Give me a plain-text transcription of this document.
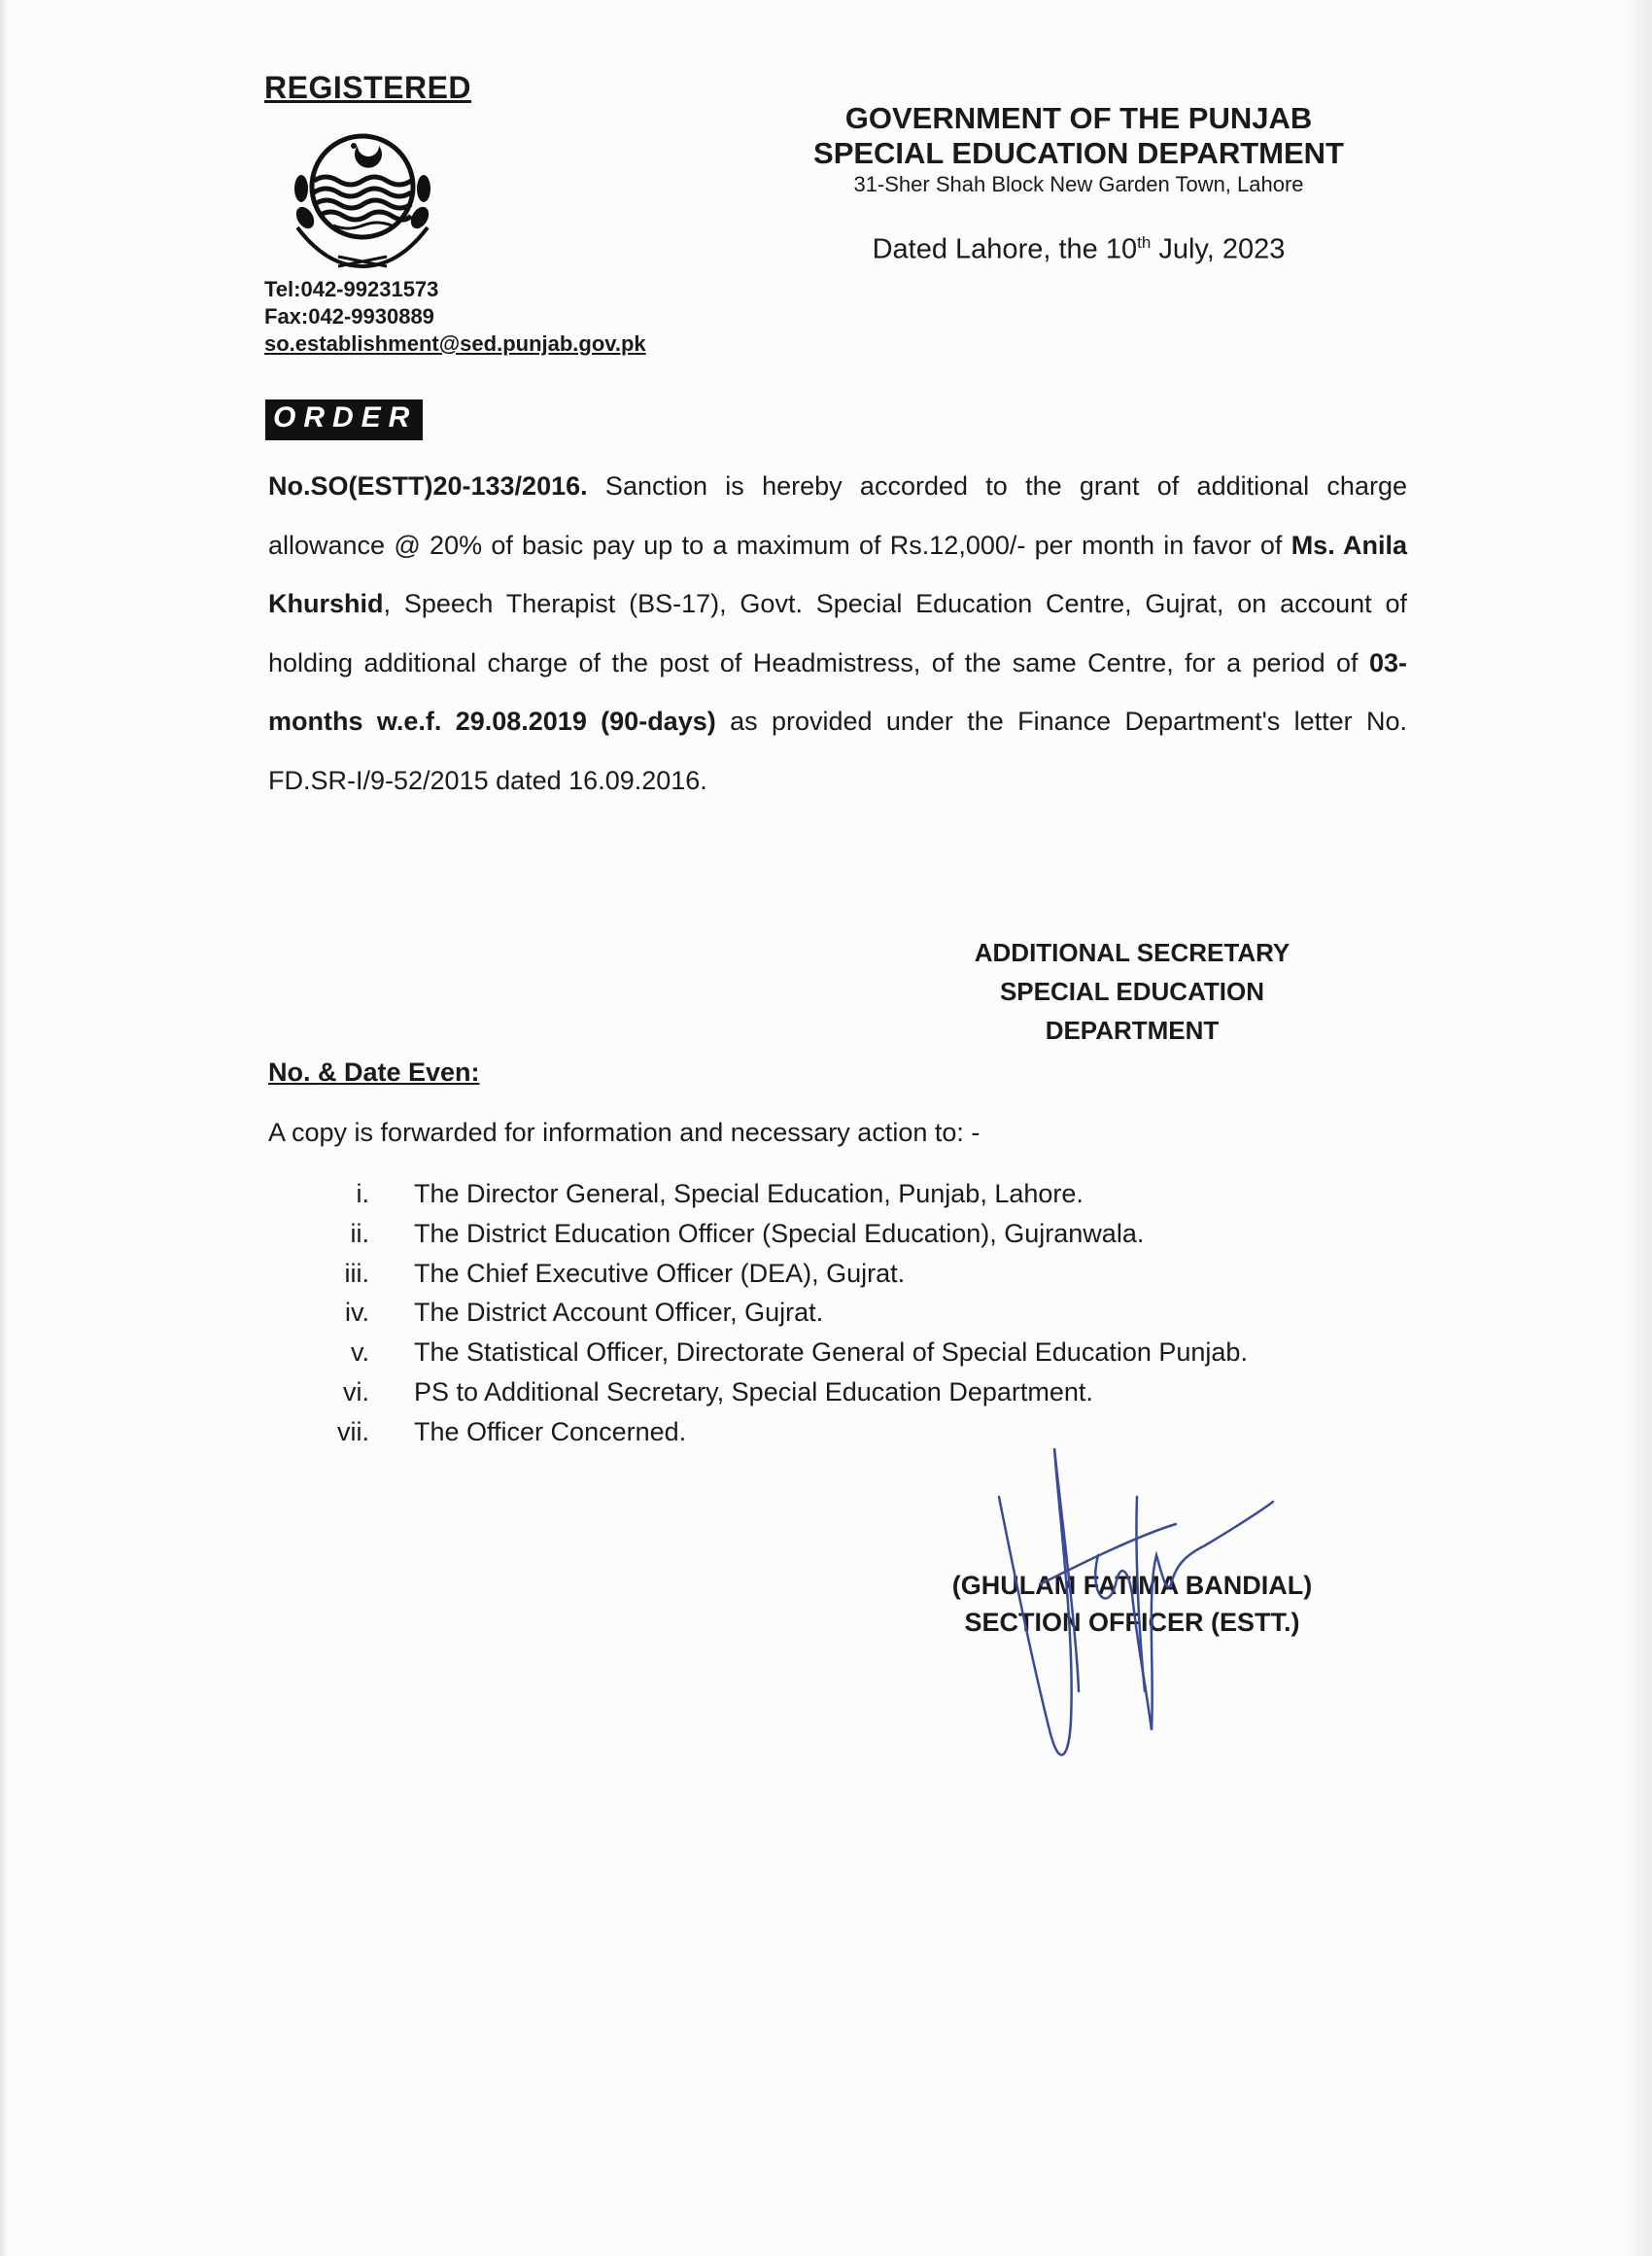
REGISTERED
Tel:042-99231573
Fax:042-9930889
so.establishment@sed.punjab.gov.pk
GOVERNMENT OF THE PUNJAB
SPECIAL EDUCATION DEPARTMENT
31-Sher Shah Block New Garden Town, Lahore
Dated Lahore, the 10th July, 2023
ORDER
No.SO(ESTT)20-133/2016. Sanction is hereby accorded to the grant of additional charge allowance @ 20% of basic pay up to a maximum of Rs.12,000/- per month in favor of Ms. Anila Khurshid, Speech Therapist (BS-17), Govt. Special Education Centre, Gujrat, on account of holding additional charge of the post of Headmistress, of the same Centre, for a period of 03-months w.e.f. 29.08.2019 (90-days) as provided under the Finance Department's letter No. FD.SR-I/9-52/2015 dated 16.09.2016.
ADDITIONAL SECRETARY
SPECIAL EDUCATION
DEPARTMENT
No. & Date Even:
A copy is forwarded for information and necessary action to: -
i.	The Director General, Special Education, Punjab, Lahore.
ii.	The District Education Officer (Special Education), Gujranwala.
iii.	The Chief Executive Officer (DEA), Gujrat.
iv.	The District Account Officer, Gujrat.
v.	The Statistical Officer, Directorate General of Special Education Punjab.
vi.	PS to Additional Secretary, Special Education Department.
vii.	The Officer Concerned.
(GHULAM FATIMA BANDIAL)
SECTION OFFICER (ESTT.)
